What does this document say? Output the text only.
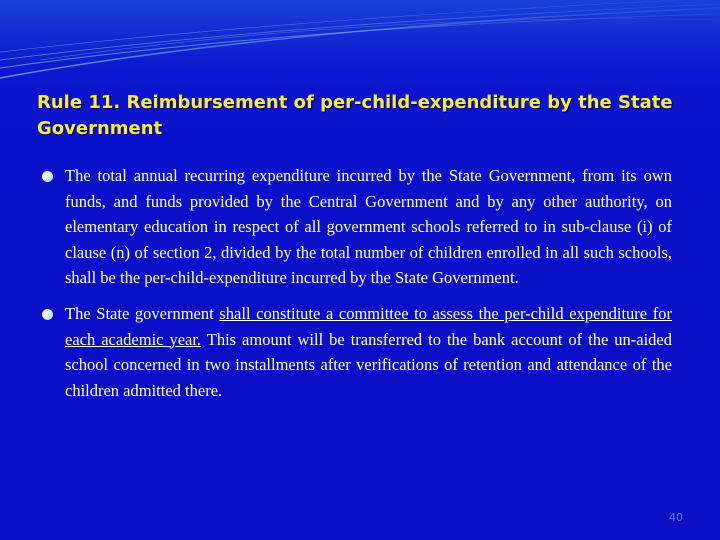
Rule 11. Reimbursement of per-child-expenditure by the State Government
The total annual recurring expenditure incurred by the State Government, from its own funds, and funds provided by the Central Government and by any other authority, on elementary education in respect of all government schools referred to in sub-clause (i) of clause (n) of section 2, divided by the total number of children enrolled in all such schools, shall be the per-child-expenditure incurred by the State Government.
The State government shall constitute a committee to assess the per-child expenditure for each academic year. This amount will be transferred to the bank account of the un-aided school concerned in two installments after verifications of retention and attendance of the children admitted there.
40
